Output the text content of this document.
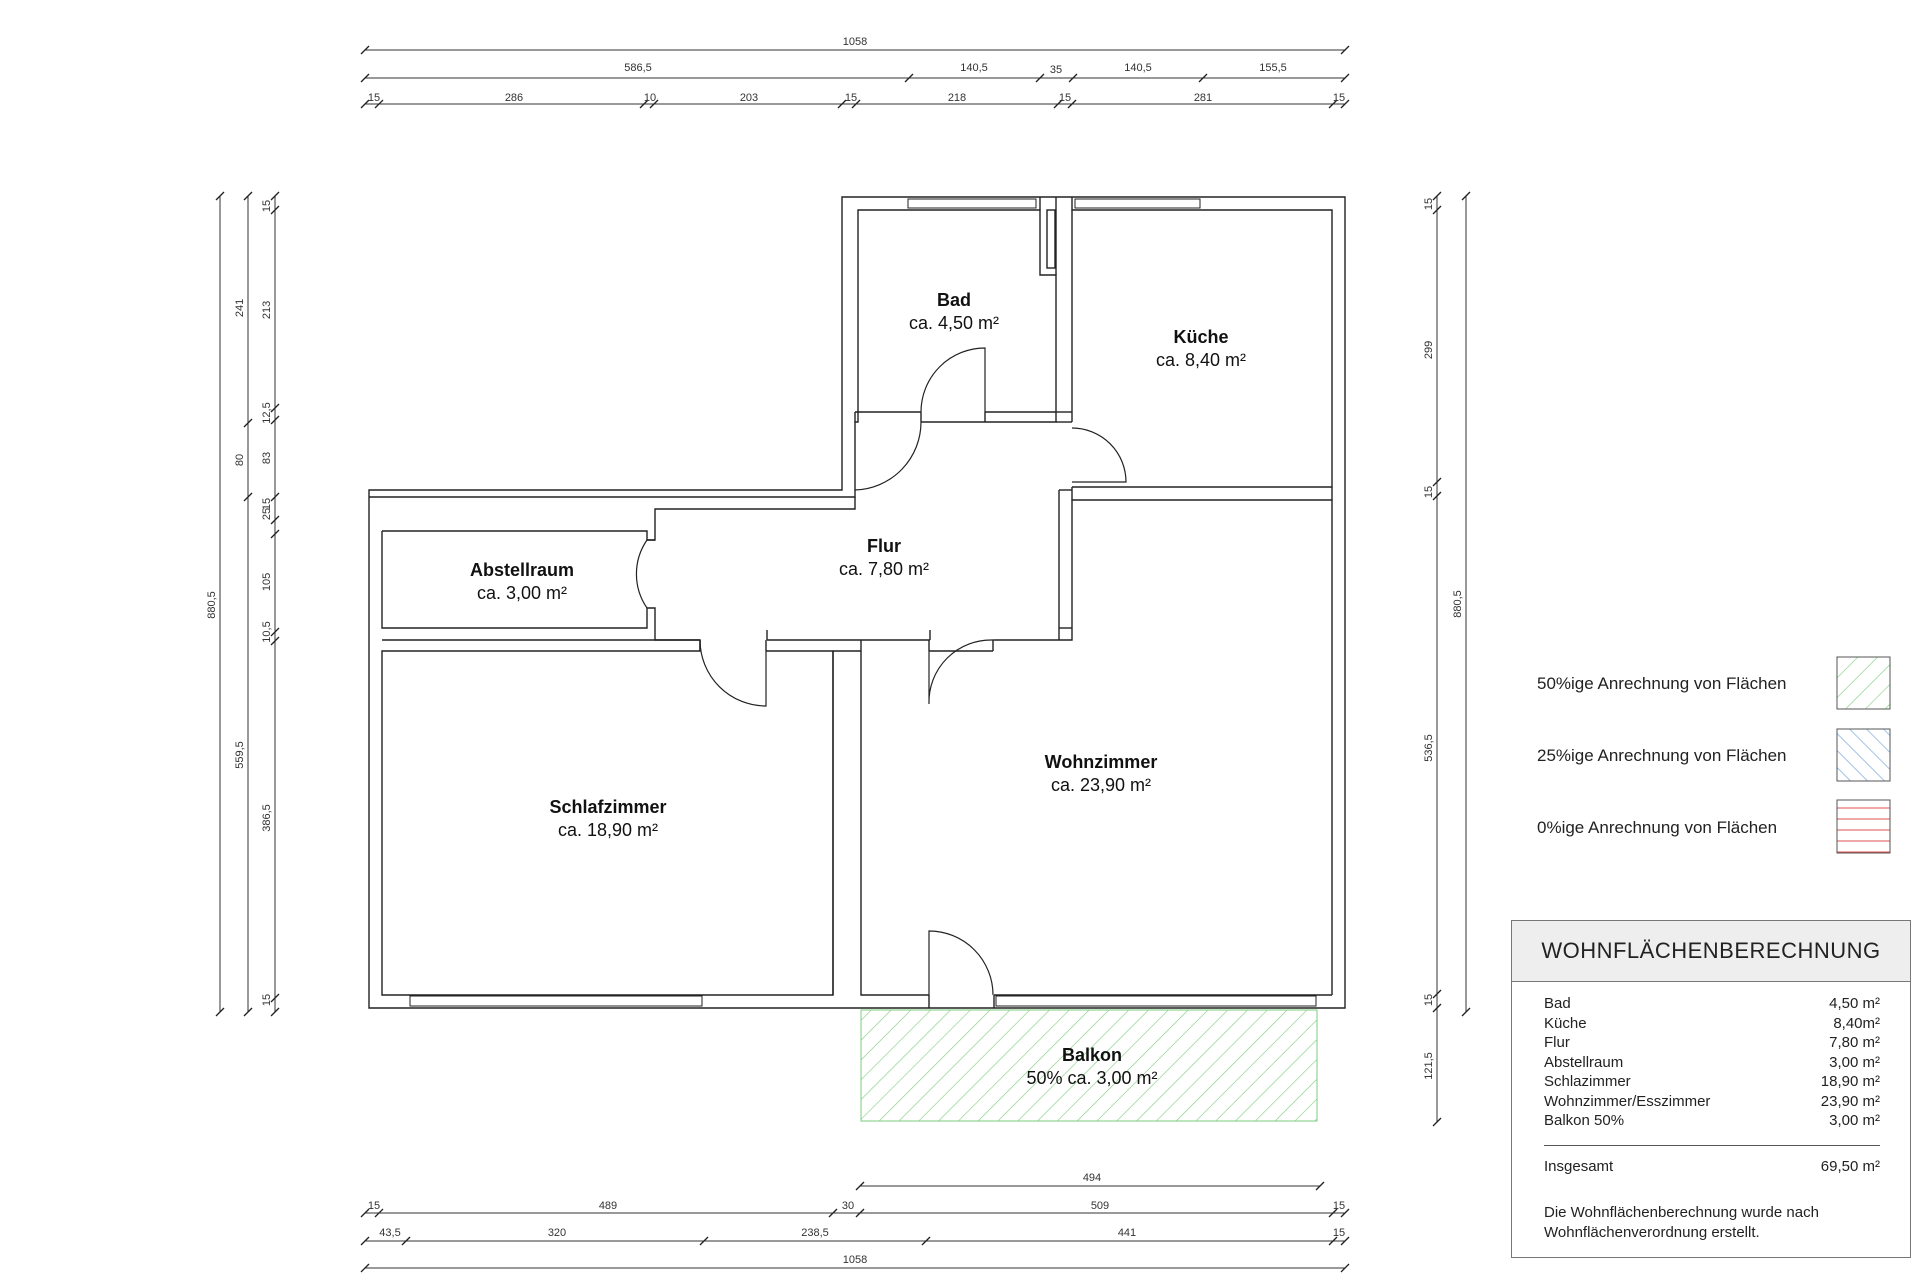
1058
586,5	140,5	35	140,5	155,5
15	286	10	203	15	218	15	281	15
494
15	489	30	509	15
43,5	320	238,5	441	15
1058
880,5
241
80
559,5
15
213
12,5
83
25
15
105
10,5
386,5
15
15
299
15
536,5
15
121,5
880,5
Bad
ca. 4,50 m²
Küche
ca. 8,40 m²
Flur
ca. 7,80 m²
Abstellraum
ca. 3,00 m²
Schlafzimmer
ca. 18,90 m²
Wohnzimmer
ca. 23,90 m²
Balkon
50% ca. 3,00 m²
50%ige Anrechnung von Flächen
25%ige Anrechnung von Flächen
0%ige Anrechnung von Flächen
WOHNFLÄCHENBERECHNUNG
Bad	4,50 m²
Küche	8,40m²
Flur	7,80 m²
Abstellraum	3,00 m²
Schlazimmer	18,90 m²
Wohnzimmer/Esszimmer	23,90 m²
Balkon 50%	3,00 m²
Insgesamt	69,50 m²
Die Wohnflächenberechnung wurde nach
Wohnflächenverordnung erstellt.
